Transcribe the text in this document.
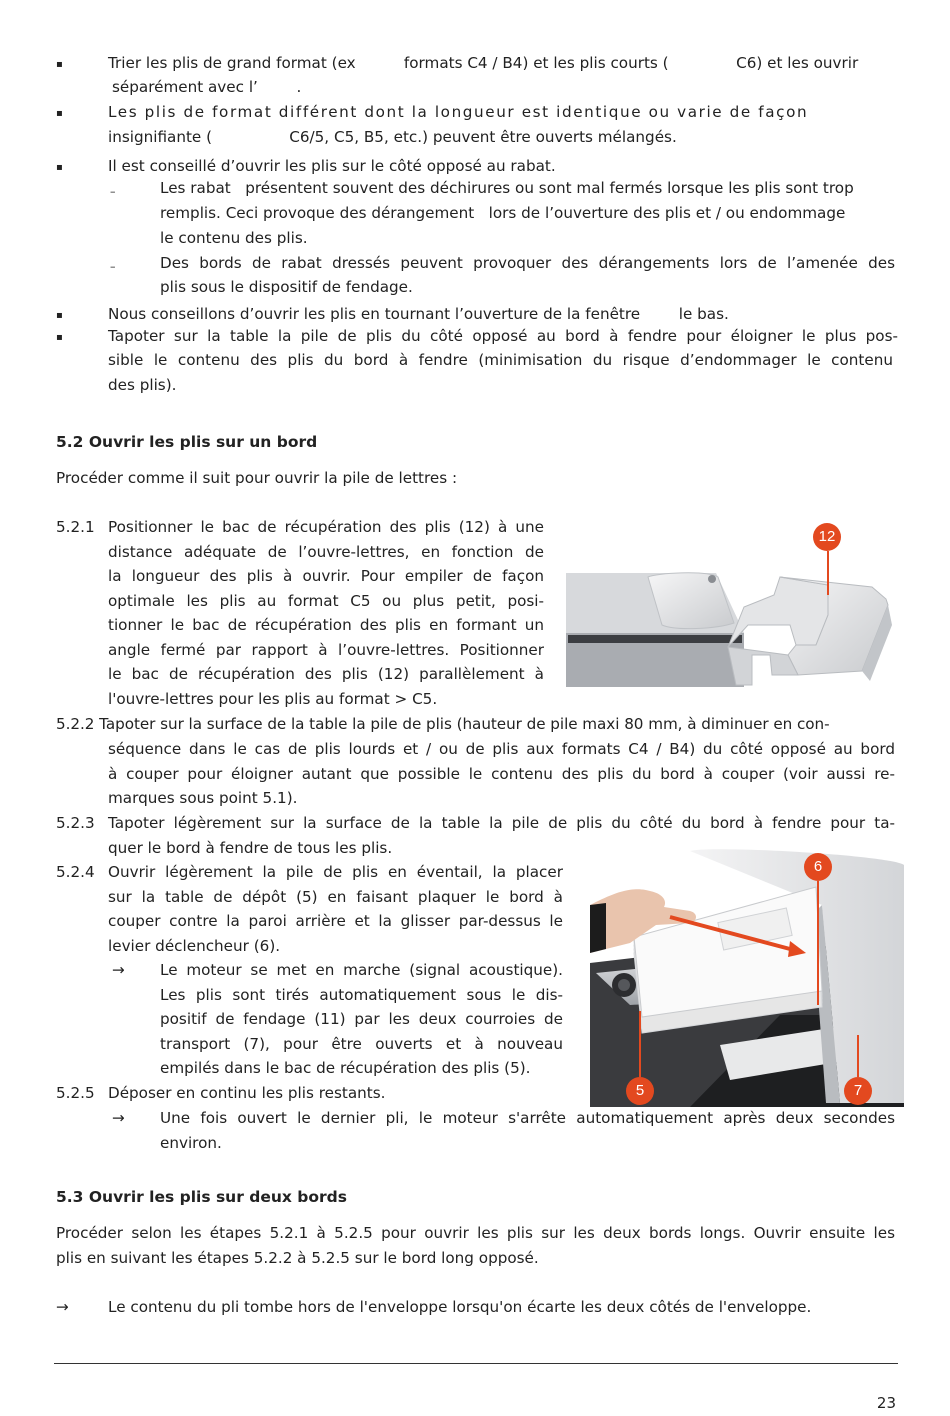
▪	Trier les plis de grand format (ex          formats C4 / B4) et les plis courts (              C6) et les ouvrir
séparément avec l’        .
▪	Les plis de format différent dont la longueur est identique ou varie de façon
insignifiante (                C6/5, C5, B5, etc.) peuvent être ouverts mélangés.
▪	Il est conseillé d’ouvrir les plis sur le côté opposé au rabat.
–	Les rabat   présentent souvent des déchirures ou sont mal fermés lorsque les plis sont trop
remplis. Ceci provoque des dérangement   lors de l’ouverture des plis et / ou endommage
le contenu des plis.
–	Des bords de rabat dressés peuvent provoquer des dérangements lors de l’amenée des
plis sous le dispositif de fendage.
▪	Nous conseillons d’ouvrir les plis en tournant l’ouverture de la fenêtre        le bas.
▪	Tapoter sur la table la pile de plis du côté opposé au bord à fendre pour éloigner le plus pos-
sible le contenu des plis du bord à fendre (minimisation du risque d’endommager le contenu
des plis).
5.2 Ouvrir les plis sur un bord
Procéder comme il suit pour ouvrir la pile de lettres :
5.2.1 Positionner le bac de récupération des plis (12) à une
distance adéquate de l’ouvre-lettres, en fonction de
la longueur des plis à ouvrir. Pour empiler de façon
optimale les plis au format C5 ou plus petit, posi-
tionner le bac de récupération des plis en formant un
angle fermé par rapport à l’ouvre-lettres. Positionner
le bac de récupération des plis (12) parallèlement à
l'ouvre-lettres pour les plis au format > C5.
12
5.2.2 Tapoter sur la surface de la table la pile de plis (hauteur de pile maxi 80 mm, à diminuer en con-
séquence dans le cas de plis lourds et / ou de plis aux formats C4 / B4) du côté opposé au bord
à couper pour éloigner autant que possible le contenu des plis du bord à couper (voir aussi re-
marques sous point 5.1).
5.2.3 Tapoter légèrement sur la surface de la table la pile de plis du côté du bord à fendre pour ta-
quer le bord à fendre de tous les plis.
5.2.4 Ouvrir légèrement la pile de plis en éventail, la placer
sur la table de dépôt (5) en faisant plaquer le bord à
couper contre la paroi arrière et la glisser par-dessus le
levier déclencheur (6).
→ Le moteur se met en marche (signal acoustique).
Les plis sont tirés automatiquement sous le dis-
positif de fendage (11) par les deux courroies de
transport (7), pour être ouverts et à nouveau
empilés dans le bac de récupération des plis (5).
6
5	7
5.2.5 Déposer en continu les plis restants.
→ Une fois ouvert le dernier pli, le moteur s'arrête automatiquement après deux secondes
environ.
5.3 Ouvrir les plis sur deux bords
Procéder selon les étapes 5.2.1 à 5.2.5 pour ouvrir les plis sur les deux bords longs. Ouvrir ensuite les
plis en suivant les étapes 5.2.2 à 5.2.5 sur le bord long opposé.
→	Le contenu du pli tombe hors de l'enveloppe lorsqu'on écarte les deux côtés de l'enveloppe.
23
